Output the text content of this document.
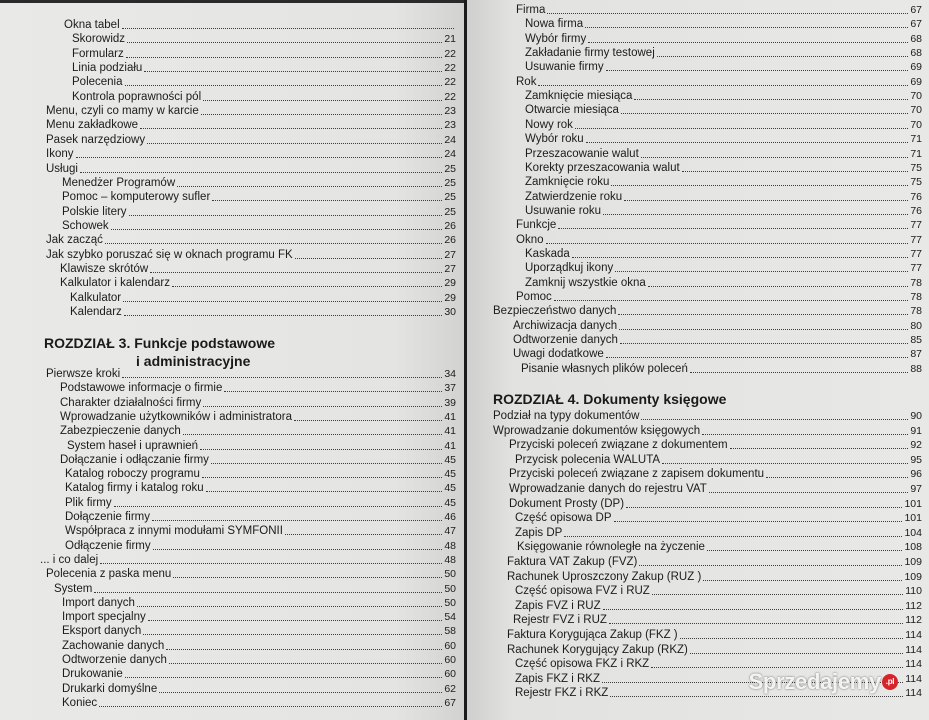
Okna tabel
Skorowidz	21
Formularz	22
Linia podziału	22
Polecenia	22
Kontrola poprawności pól	22
Menu, czyli co mamy w karcie	23
Menu zakładkowe	23
Pasek narzędziowy	24
Ikony	24
Usługi	25
Menedżer Programów	25
Pomoc – komputerowy sufler	25
Polskie litery	25
Schowek	26
Jak zacząć	26
Jak szybko poruszać się w oknach programu FK	27
Klawisze skrótów	27
Kalkulator i kalendarz	29
Kalkulator	29
Kalendarz	30
ROZDZIAŁ 3. Funkcje podstawowe
i administracyjne
Pierwsze kroki	34
Podstawowe informacje o firmie	37
Charakter działalności firmy	39
Wprowadzanie użytkowników i administratora	41
Zabezpieczenie danych	41
System haseł i uprawnień	41
Dołączanie i odłączanie firmy	45
Katalog roboczy programu	45
Katalog firmy i katalog roku	45
Plik firmy	45
Dołączenie firmy	46
Współpraca z innymi modułami SYMFONII	47
Odłączenie firmy	48
... i co dalej	48
Polecenia z paska menu	50
System	50
Import danych	50
Import specjalny	54
Eksport danych	58
Zachowanie danych	60
Odtworzenie danych	60
Drukowanie	60
Drukarki domyślne	62
Koniec	67
Firma	67
Nowa firma	67
Wybór firmy	68
Zakładanie firmy testowej	68
Usuwanie firmy	69
Rok	69
Zamknięcie miesiąca	70
Otwarcie miesiąca	70
Nowy rok	70
Wybór roku	71
Przeszacowanie walut	71
Korekty przeszacowania walut	75
Zamknięcie roku	75
Zatwierdzenie roku	76
Usuwanie roku	76
Funkcje	77
Okno	77
Kaskada	77
Uporządkuj ikony	77
Zamknij wszystkie okna	78
Pomoc	78
Bezpieczeństwo danych	78
Archiwizacja danych	80
Odtworzenie danych	85
Uwagi dodatkowe	87
Pisanie własnych plików poleceń	88
ROZDZIAŁ 4. Dokumenty księgowe
Podział na typy dokumentów	90
Wprowadzanie dokumentów księgowych	91
Przyciski poleceń związane z dokumentem	92
Przycisk polecenia WALUTA	95
Przyciski poleceń związane z zapisem dokumentu	96
Wprowadzanie danych do rejestru VAT	97
Dokument Prosty (DP)	101
Część opisowa DP	101
Zapis DP	104
Księgowanie równoległe na życzenie	108
Faktura VAT Zakup (FVZ)	109
Rachunek Uproszczony Zakup (RUZ )	109
Część opisowa FVZ i RUZ	110
Zapis FVZ i RUZ	112
Rejestr FVZ i RUZ	112
Faktura Korygująca Zakup (FKZ )	114
Rachunek Korygujący Zakup (RKZ)	114
Część opisowa FKZ i RKZ	114
Zapis FKZ i RKZ	114
Rejestr FKZ i RKZ	114
Sprzedajemy .pl
